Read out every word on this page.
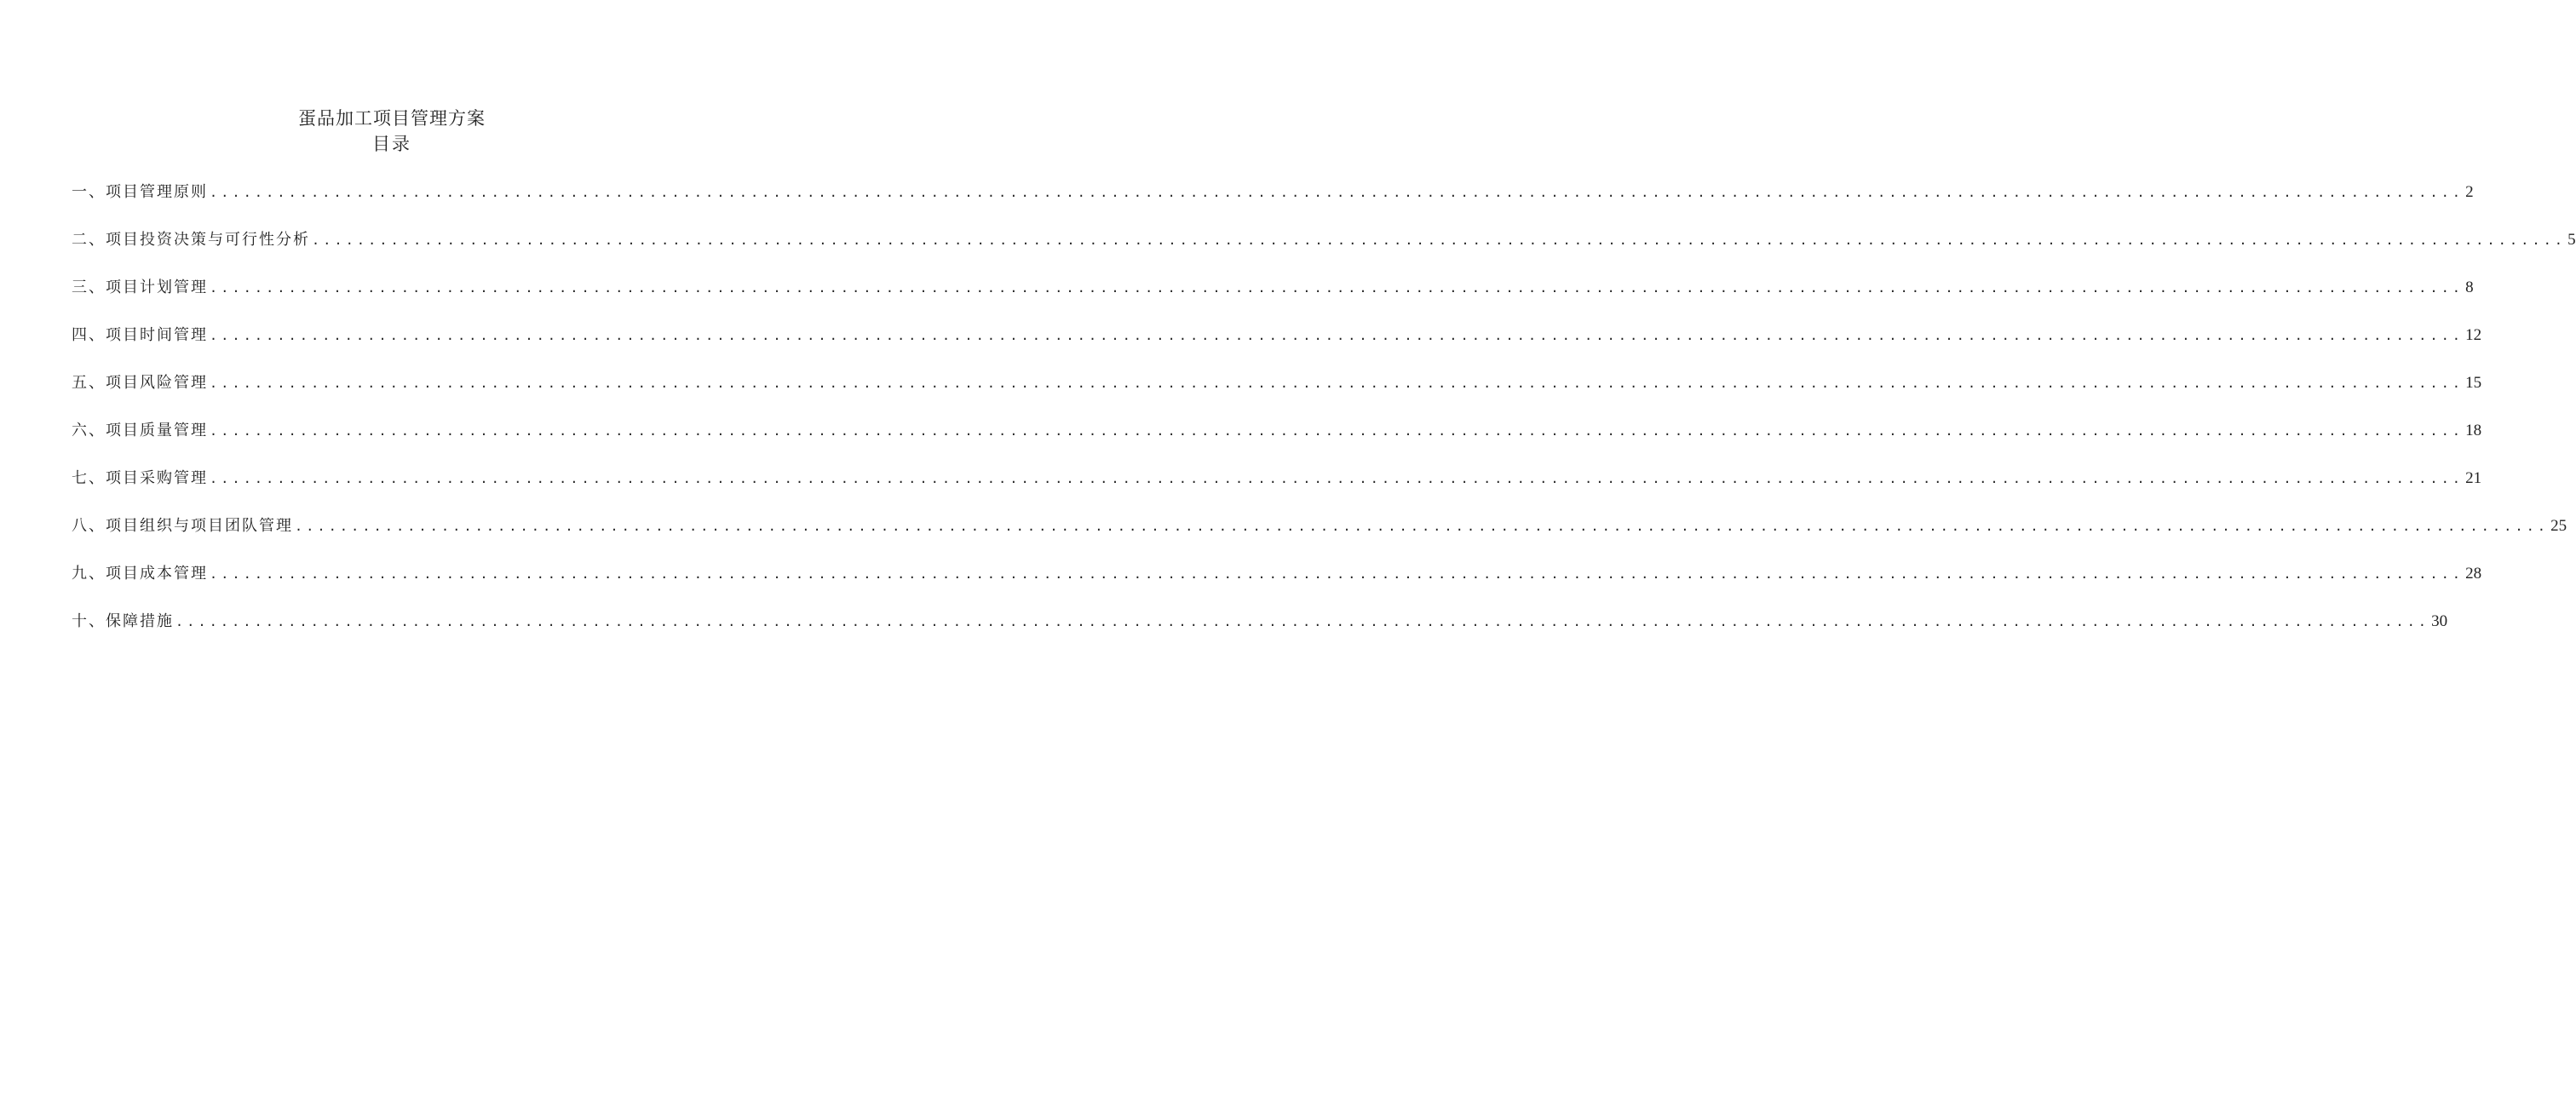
蛋品加工项目管理方案
目录
一、项目管理原则 ........................................................................................................................................................................................................ 2
二、项目投资决策与可行性分析 ........................................................................................................................................................................................................ 5
三、项目计划管理 ........................................................................................................................................................................................................ 8
四、项目时间管理 ........................................................................................................................................................................................................ 12
五、项目风险管理 ........................................................................................................................................................................................................ 15
六、项目质量管理 ........................................................................................................................................................................................................ 18
七、项目采购管理 ........................................................................................................................................................................................................ 21
八、项目组织与项目团队管理 ........................................................................................................................................................................................................ 25
九、项目成本管理 ........................................................................................................................................................................................................ 28
十、保障措施 ........................................................................................................................................................................................................ 30
